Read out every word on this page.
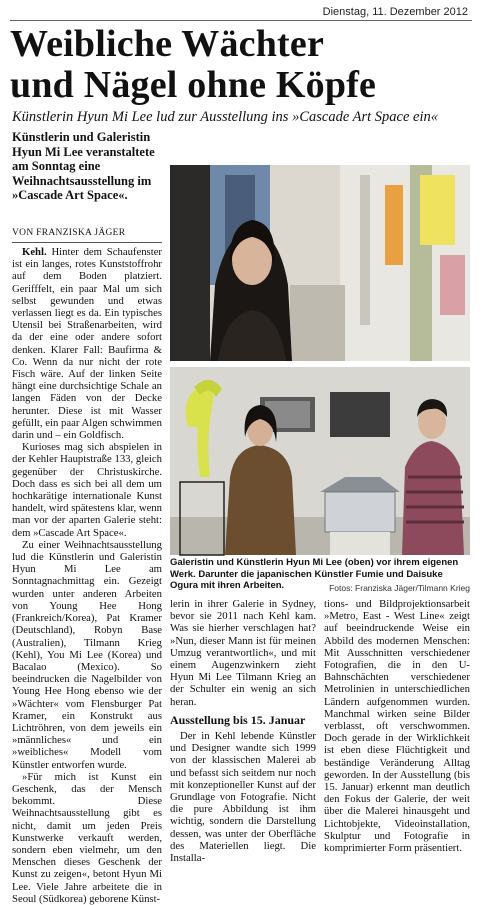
Dienstag, 11. Dezember 2012
Weibliche Wächter
und Nägel ohne Köpfe
Künstlerin Hyun Mi Lee lud zur Ausstellung ins »Cascade Art Space ein«
Künstlerin und Galeristin Hyun Mi Lee veranstaltete am Sonntag eine Weihnachtsausstellung im »Cascade Art Space«.
VON FRANZISKA JÄGER

Kehl. Hinter dem Schaufenster ist ein langes, rotes Kunststoffrohr auf dem Boden platziert. Gerifffelt, ein paar Mal um sich selbst gewunden und etwas verlassen liegt es da. Ein typisches Utensil bei Straßenarbeiten, wird da der eine oder andere sofort denken. Klarer Fall: Baufirma & Co. Wenn da nur nicht der rote Fisch wäre. Auf der linken Seite hängt eine durchsichtige Schale an langen Fäden von der Decke herunter. Diese ist mit Wasser gefüllt, ein paar Algen schwimmen darin und – ein Goldfisch.

Kurioses mag sich abspielen in der Kehler Hauptstraße 133, gleich gegenüber der Christuskirche. Doch dass es sich bei all dem um hochkarätige internationale Kunst handelt, wird spätestens klar, wenn man vor der aparten Galerie steht: dem »Cascade Art Space«.

Zu einer Weihnachtsausstellung lud die Künstlerin und Galeristin Hyun Mi Lee am Sonntagnachmittag ein. Gezeigt wurden unter anderen Arbeiten von Young Hee Hong (Frankreich/Korea), Pat Kramer (Deutschland), Robyn Base (Australien), Tilmann Krieg (Kehl), You Mi Lee (Korea) und Bacalao (Mexico). So beeindrucken die Nagelbilder von Young Hee Hong ebenso wie der »Wächter« vom Flensburger Pat Kramer, ein Konstrukt aus Lichtröhren, von dem jeweils ein »männliches« und ein »weibliches« Modell vom Künstler entworfen wurde.

»Für mich ist Kunst ein Geschenk, das der Mensch bekommt. Diese Weihnachtsausstellung gibt es nicht, damit um jeden Preis Kunstwerke verkauft werden, sondern eben vielmehr, um den Menschen dieses Geschenk der Kunst zu zeigen«, betont Hyun Mi Lee. Viele Jahre arbeitete die in Seoul (Südkorea) geborene Künst-

Galeristin und Künstlerin Hyun Mi Lee (oben) vor ihrem eigenen Werk. Darunter die japanischen Künstler Fumie und Daisuke Ogura mit ihren Arbeiten.	Fotos: Franziska Jäger/Tilmann Krieg

lerin in ihrer Galerie in Sydney, bevor sie 2011 nach Kehl kam. Was sie hierher verschlagen hat? »Nun, dieser Mann ist für meinen Umzug verantwortlich«, und mit einem Augenzwinkern zieht Hyun Mi Lee Tilmann Krieg an der Schulter ein wenig an sich heran.

Ausstellung bis 15. Januar

Der in Kehl lebende Künstler und Designer wandte sich 1999 von der klassischen Malerei ab und befasst sich seitdem nur noch mit konzeptioneller Kunst auf der Grundlage von Fotografie. Nicht die pure Abbildung ist ihm wichtig, sondern die Darstellung dessen, was unter der Oberfläche des Materiellen liegt. Die Installa-

tions- und Bildprojektionsarbeit »Metro, East - West Line« zeigt auf beeindruckende Weise ein Abbild des modernen Menschen: Mit Ausschnitten verschiedener Fotografien, die in den U-Bahnschächten verschiedener Metrolinien in unterschiedlichen Ländern aufgenommen wurden. Manchmal wirken seine Bilder verblasst, oft verschwommen. Doch gerade in der Wirklichkeit ist eben diese Flüchtigkeit und beständige Veränderung Alltag geworden. In der Ausstellung (bis 15. Januar) erkennt man deutlich den Fokus der Galerie, der weit über die Malerei hinausgeht und Lichtobjekte, Videoinstallation, Skulptur und Fotografie in komprimierter Form präsentiert.
